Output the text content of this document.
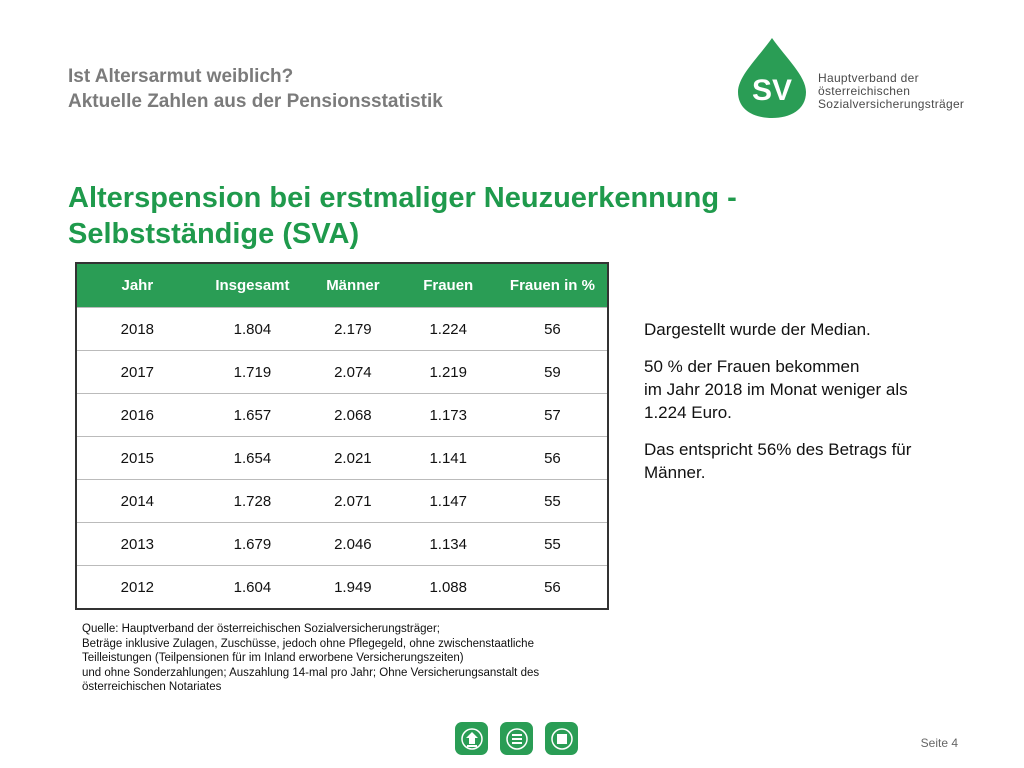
Ist Altersarmut weiblich?
Aktuelle Zahlen aus der Pensionsstatistik	SV Hauptverband der
österreichischen
Sozialversicherungsträger
Alterspension bei erstmaliger Neuzuerkennung -
Selbstständige (SVA)
Jahr	Insgesamt	Männer	Frauen	Frauen in %
2018	1.804	2.179	1.224	56
2017	1.719	2.074	1.219	59
2016	1.657	2.068	1.173	57
2015	1.654	2.021	1.141	56
2014	1.728	2.071	1.147	55
2013	1.679	2.046	1.134	55
2012	1.604	1.949	1.088	56

Dargestellt wurde der Median.

50 % der Frauen bekommen
im Jahr 2018 im Monat weniger als
1.224 Euro.

Das entspricht 56% des Betrags für
Männer.

Quelle: Hauptverband der österreichischen Sozialversicherungsträger;
Beträge inklusive Zulagen, Zuschüsse, jedoch ohne Pflegegeld, ohne zwischenstaatliche
Teilleistungen (Teilpensionen für im Inland erworbene Versicherungszeiten)
und ohne Sonderzahlungen; Auszahlung 14-mal pro Jahr; Ohne Versicherungsanstalt des
österreichischen Notariates
Seite 4
